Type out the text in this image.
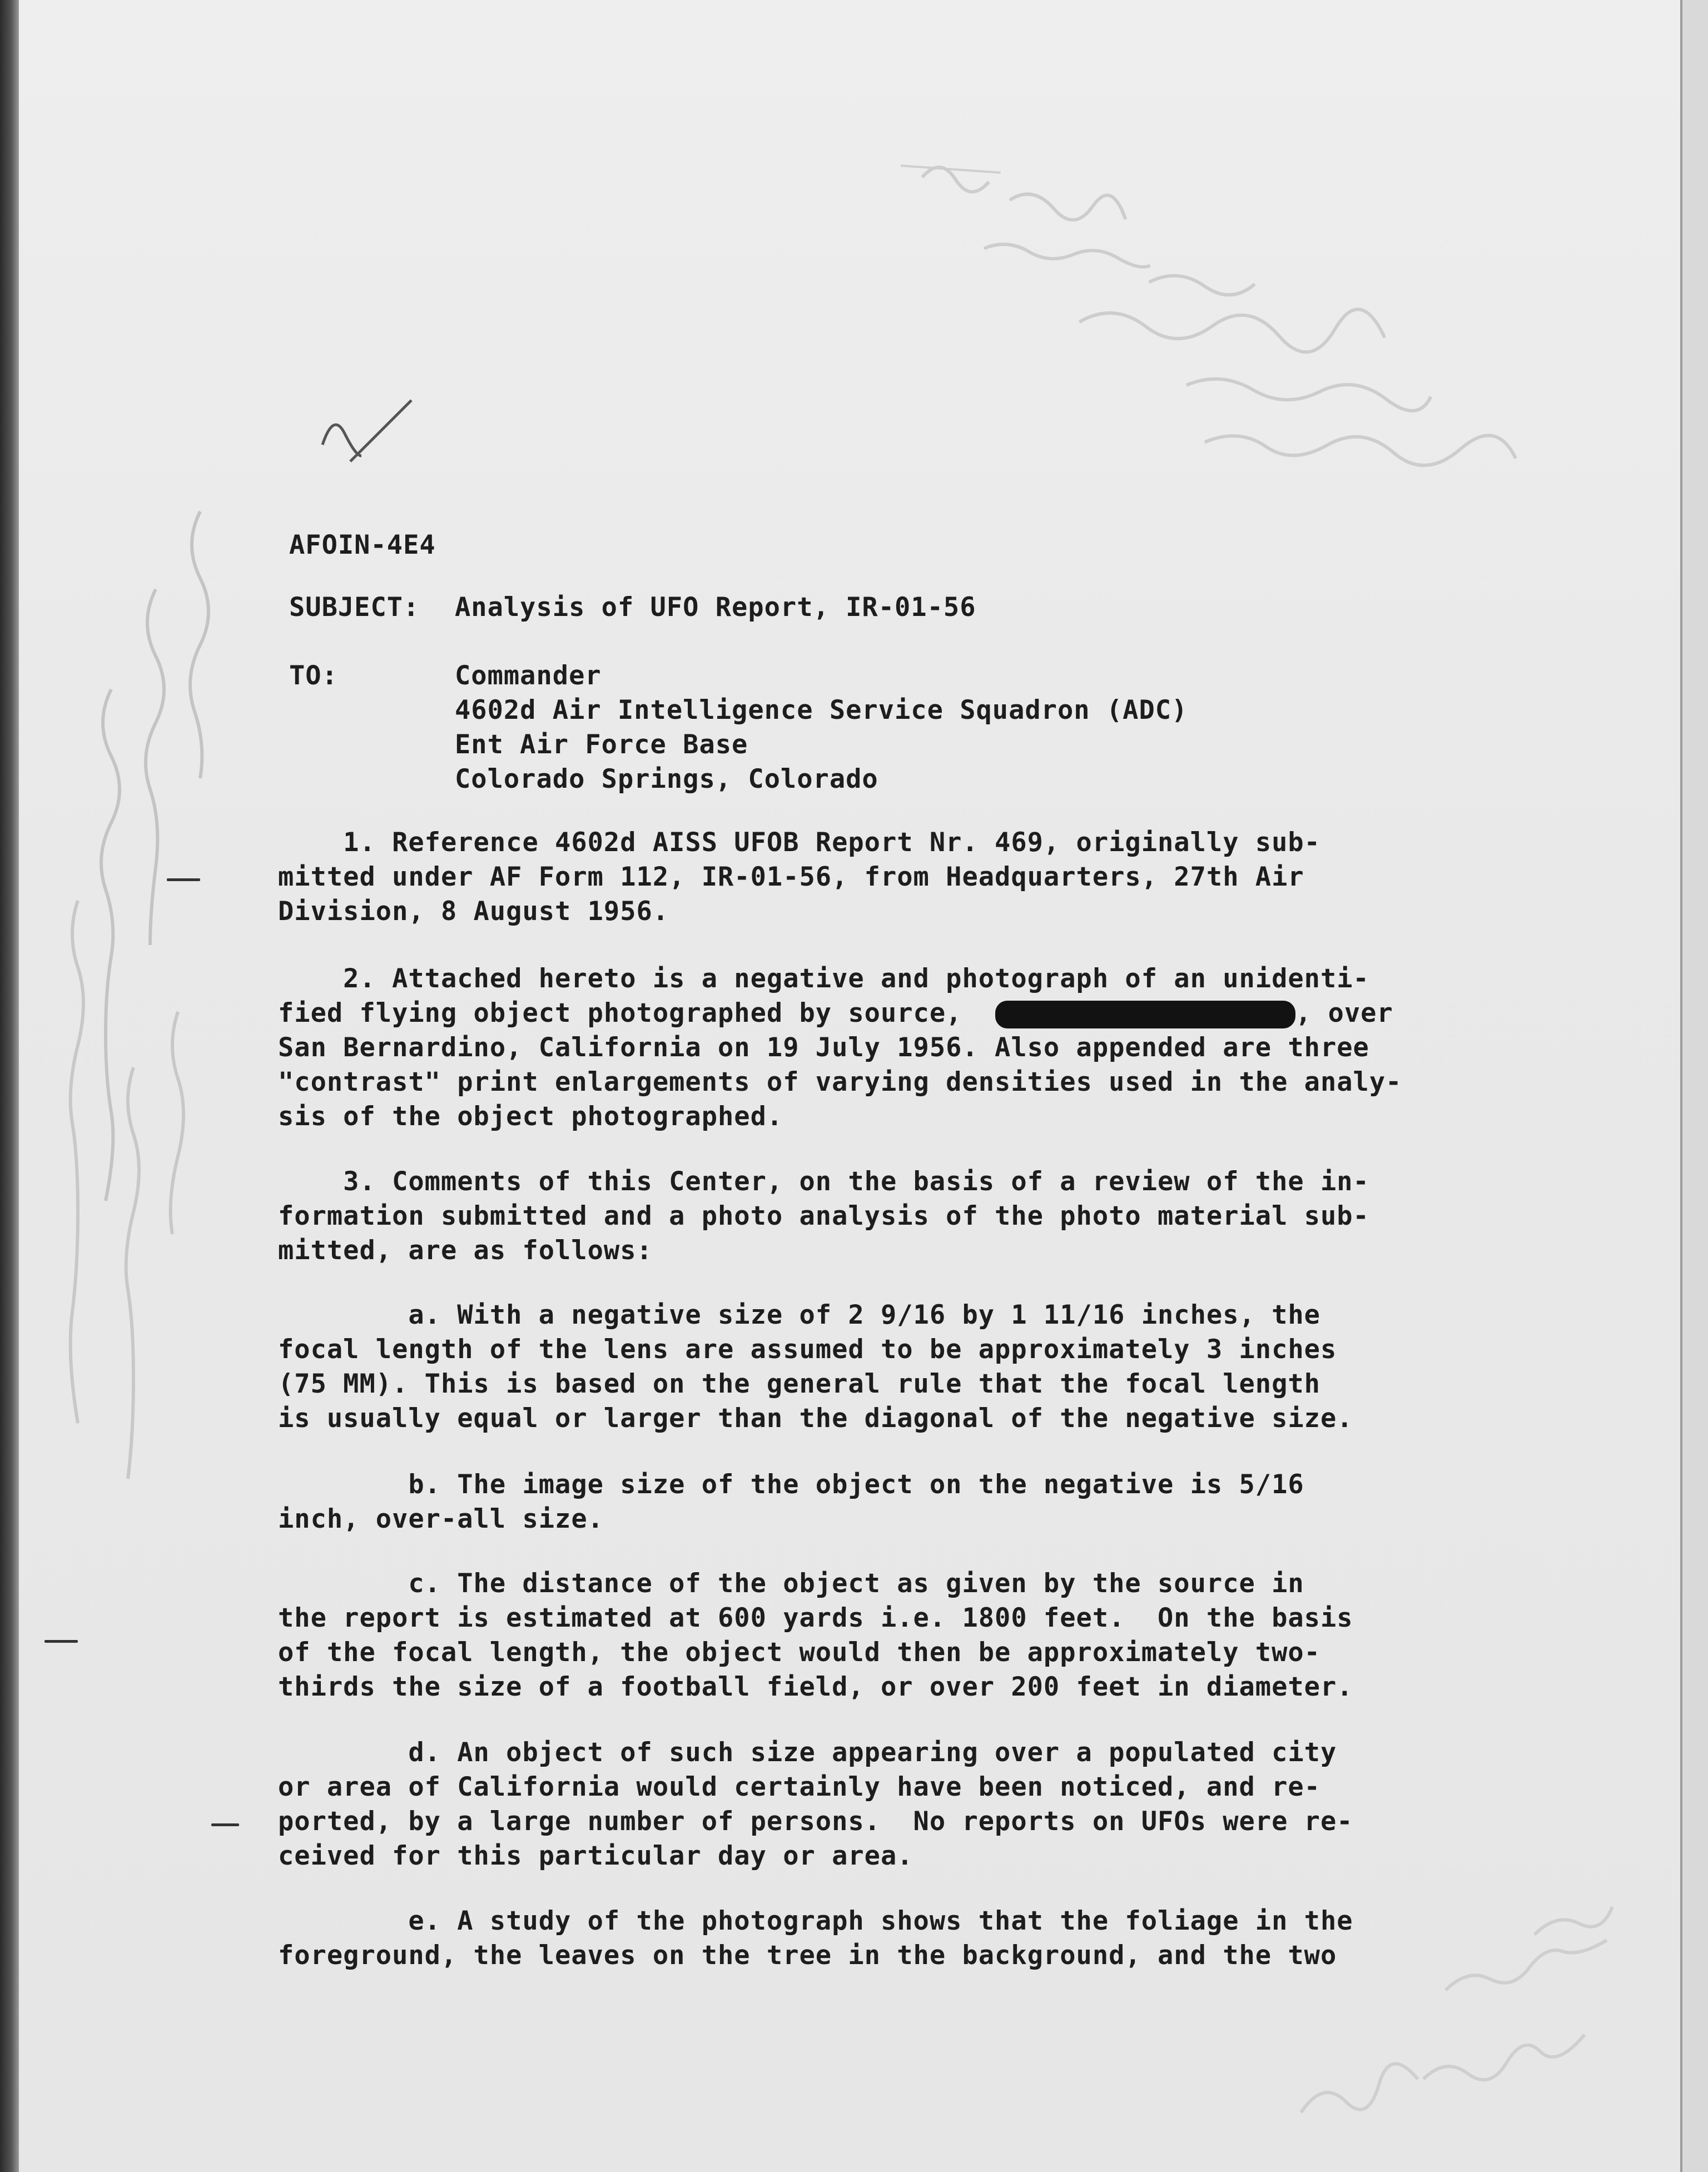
AFOIN-4E4
SUBJECT: Analysis of UFO Report, IR-01-56
TO:	Commander
4602d Air Intelligence Service Squadron (ADC)
Ent Air Force Base
Colorado Springs, Colorado
1. Reference 4602d AISS UFOB Report Nr. 469, originally sub-
mitted under AF Form 112, IR-01-56, from Headquarters, 27th Air
Division, 8 August 1956.
2. Attached hereto is a negative and photograph of an unidenti-
fied flying object photographed by source,	, over
San Bernardino, California on 19 July 1956. Also appended are three
"contrast" print enlargements of varying densities used in the analy-
sis of the object photographed.
3. Comments of this Center, on the basis of a review of the in-
formation submitted and a photo analysis of the photo material sub-
mitted, are as follows:
a. With a negative size of 2 9/16 by 1 11/16 inches, the
focal length of the lens are assumed to be approximately 3 inches
(75 MM). This is based on the general rule that the focal length
is usually equal or larger than the diagonal of the negative size.
b. The image size of the object on the negative is 5/16
inch, over-all size.
c. The distance of the object as given by the source in
the report is estimated at 600 yards i.e. 1800 feet.  On the basis
of the focal length, the object would then be approximately two-
thirds the size of a football field, or over 200 feet in diameter.
d. An object of such size appearing over a populated city
or area of California would certainly have been noticed, and re-
ported, by a large number of persons.  No reports on UFOs were re-
ceived for this particular day or area.
e. A study of the photograph shows that the foliage in the
foreground, the leaves on the tree in the background, and the two
